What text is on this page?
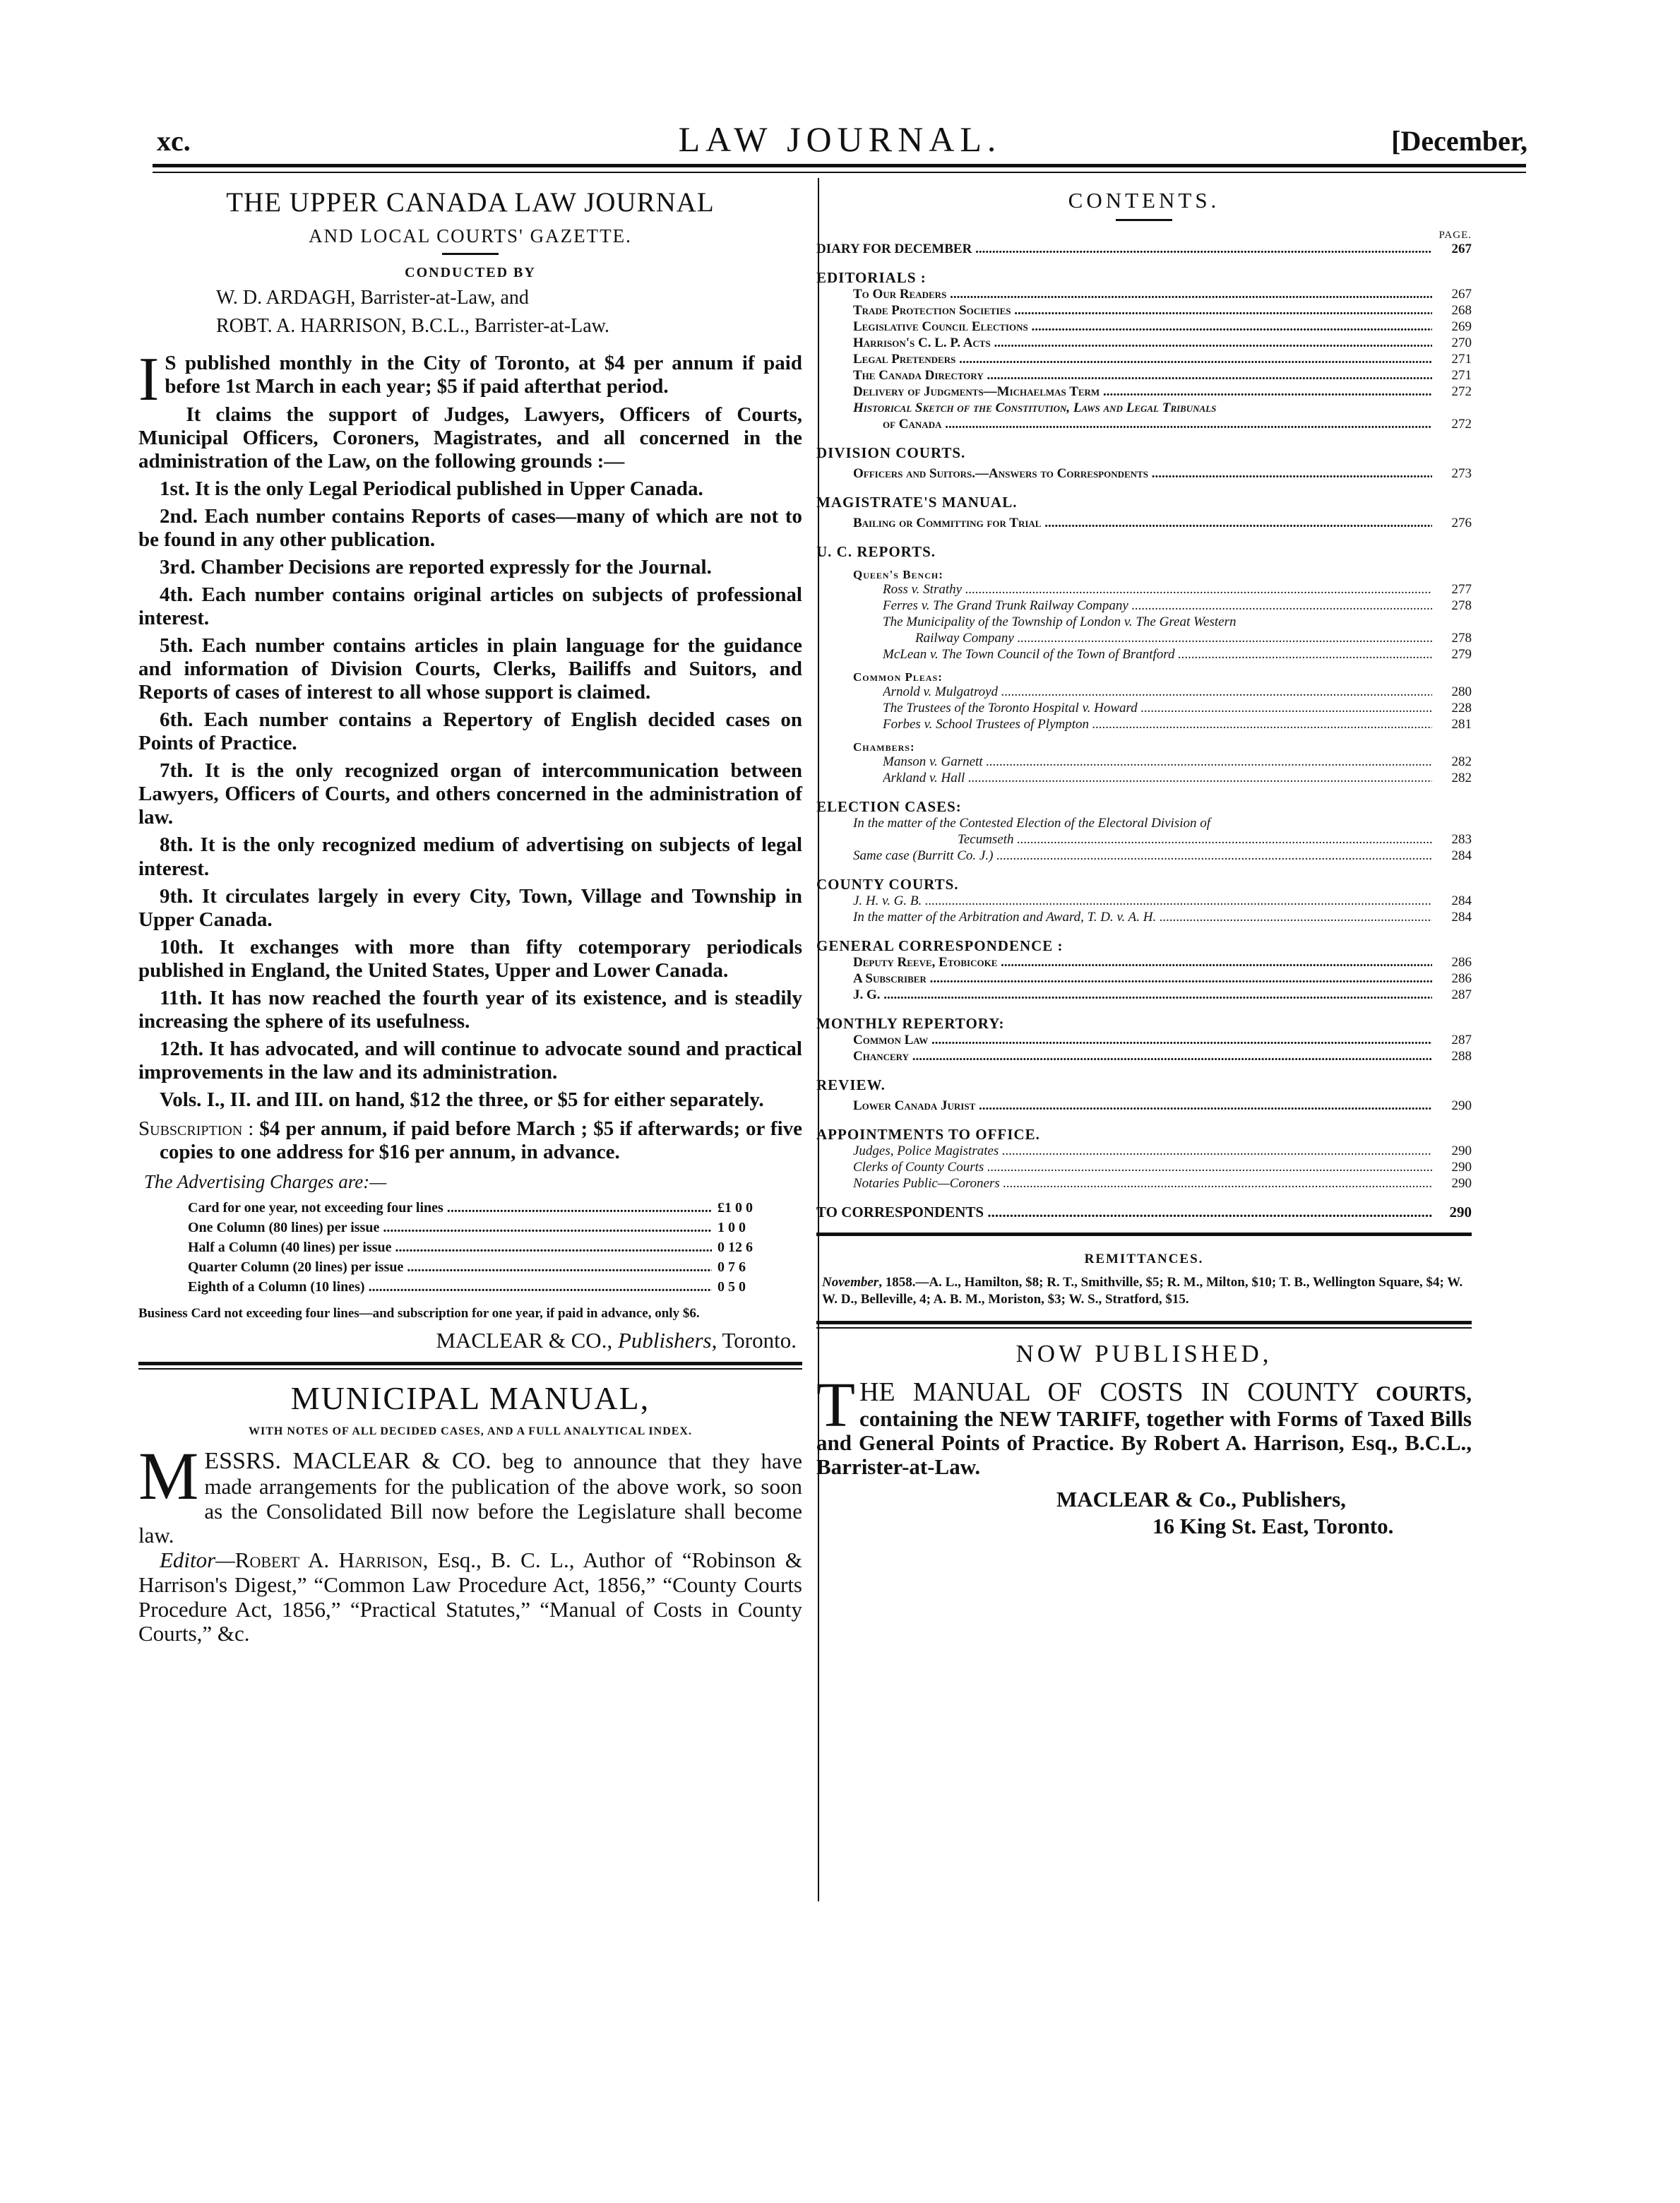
xc.	LAW JOURNAL.	[December,
THE UPPER CANADA LAW JOURNAL
AND LOCAL COURTS' GAZETTE.
CONDUCTED BY
W. D. ARDAGH, Barrister-at-Law, and
ROBT. A. HARRISON, B.C.L., Barrister-at-Law.
I S published monthly in the City of Toronto, at $4 per annum if paid before 1st March in each year; $5 if paid afterthat period.
It claims the support of Judges, Lawyers, Officers of Courts, Municipal Officers, Coroners, Magistrates, and all concerned in the administration of the Law, on the following grounds :—
1st. It is the only Legal Periodical published in Upper Canada.
2nd. Each number contains Reports of cases—many of which are not to be found in any other publication.
3rd. Chamber Decisions are reported expressly for the Journal.
4th. Each number contains original articles on subjects of professional interest.
5th. Each number contains articles in plain language for the guidance and information of Division Courts, Clerks, Bailiffs and Suitors, and Reports of cases of interest to all whose support is claimed.
6th. Each number contains a Repertory of English decided cases on Points of Practice.
7th. It is the only recognized organ of intercommunication between Lawyers, Officers of Courts, and others concerned in the administration of law.
8th. It is the only recognized medium of advertising on subjects of legal interest.
9th. It circulates largely in every City, Town, Village and Township in Upper Canada.
10th. It exchanges with more than fifty cotemporary periodicals published in England, the United States, Upper and Lower Canada.
11th. It has now reached the fourth year of its existence, and is steadily increasing the sphere of its usefulness.
12th. It has advocated, and will continue to advocate sound and practical improvements in the law and its administration.
Vols. I., II. and III. on hand, $12 the three, or $5 for either separately.
Subscription : $4 per annum, if paid before March ; $5 if afterwards; or five copies to one address for $16 per annum, in advance.
The Advertising Charges are:—
Card for one year, not exceeding four lines .....	£1 0 0
One Column (80 lines) per issue .....	1 0 0
Half a Column (40 lines) per issue .....	0 12 6
Quarter Column (20 lines) per issue .....	0 7 6
Eighth of a Column (10 lines) .....	0 5 0
Business Card not exceeding four lines—and subscription for one year, if paid in advance, only $6.
MACLEAR & CO., Publishers, Toronto.
MUNICIPAL MANUAL,
WITH NOTES OF ALL DECIDED CASES, AND A FULL ANALYTICAL INDEX.
MESSRS. MACLEAR & CO. beg to announce that they have made arrangements for the publication of the above work, so soon as the Consolidated Bill now before the Legislature shall become law.
Editor—Robert A. Harrison, Esq., B. C. L., Author of “Robinson & Harrison's Digest,” “Common Law Procedure Act, 1856,” “County Courts Procedure Act, 1856,” “Practical Statutes,” “Manual of Costs in County Courts,” &c.
CONTENTS.
PAGE.
DIARY FOR DECEMBER .....	267
EDITORIALS :
To Our Readers .....	267
Trade Protection Societies .....	268
Legislative Council Elections .....	269
Harrison's C. L. P. Acts .....	270
Legal Pretenders .....	271
The Canada Directory .....	271
Delivery of Judgments—Michaelmas Term .....	272
Historical Sketch of the Constitution, Laws and Legal Tribunals
of Canada .....	272
DIVISION COURTS.
Officers and Suitors.—Answers to Correspondents .....	273
MAGISTRATE'S MANUAL.
Bailing or Committing for Trial .....	276
U. C. REPORTS.
Queen's Bench:
Ross v. Strathy .....	277
Ferres v. The Grand Trunk Railway Company .....	278
The Municipality of the Township of London v. The Great Western
Railway Company .....	278
McLean v. The Town Council of the Town of Brantford .....	279
Common Pleas:
Arnold v. Mulgatroyd .....	280
The Trustees of the Toronto Hospital v. Howard .....	228
Forbes v. School Trustees of Plympton .....	281
Chambers:
Manson v. Garnett .....	282
Arkland v. Hall .....	282
ELECTION CASES:
In the matter of the Contested Election of the Electoral Division of
Tecumseth .....	283
Same case (Burritt Co. J.) .....	284
COUNTY COURTS.
J. H. v. G. B. .....	284
In the matter of the Arbitration and Award, T. D. v. A. H. .....	284
GENERAL CORRESPONDENCE :
Deputy Reeve, Etobicoke .....	286
A Subscriber .....	286
J. G. .....	287
MONTHLY REPERTORY:
Common Law .....	287
Chancery .....	288
REVIEW.
Lower Canada Jurist .....	290
APPOINTMENTS TO OFFICE.
Judges, Police Magistrates .....	290
Clerks of County Courts .....	290
Notaries Public—Coroners .....	290
TO CORRESPONDENTS .....	290
REMITTANCES.
November, 1858.—A. L., Hamilton, $8; R. T., Smithville, $5; R. M., Milton, $10; T. B., Wellington Square, $4; W. W. D., Belleville, 4; A. B. M., Moriston, $3; W. S., Stratford, $15.
NOW PUBLISHED,
THE MANUAL OF COSTS IN COUNTY COURTS, containing the NEW TARIFF, together with Forms of Taxed Bills and General Points of Practice. By Robert A. Harrison, Esq., B.C.L., Barrister-at-Law.
MACLEAR & Co., Publishers,
16 King St. East, Toronto.
